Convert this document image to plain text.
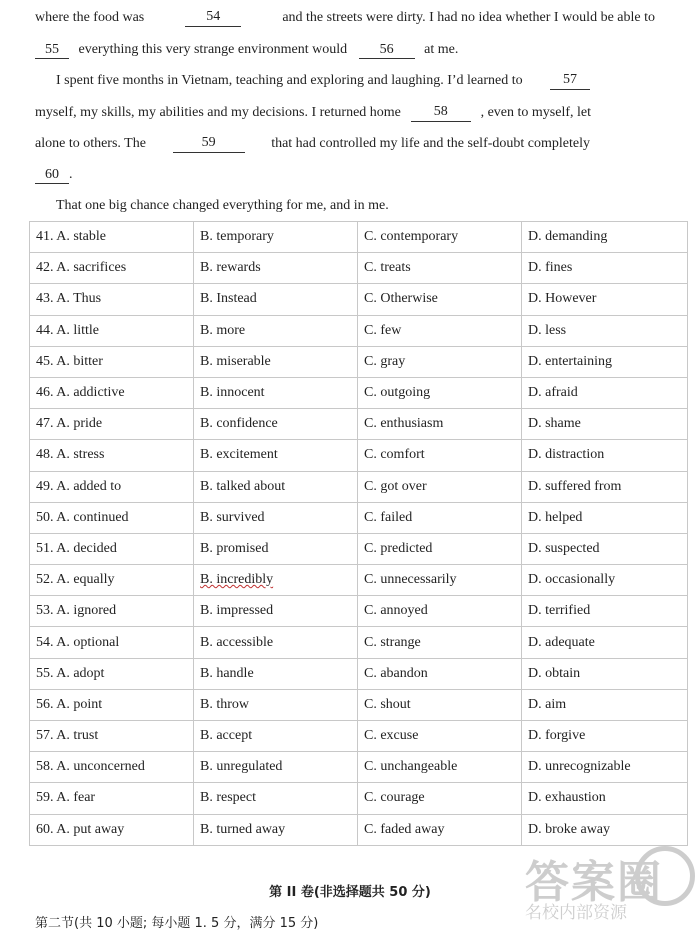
where the food was	54	and the streets were dirty. I had no idea whether I would be able to
55 everything this very strange environment would 56 at me.
I spent five months in Vietnam, teaching and exploring and laughing. I’d learned to	57
myself, my skills, my abilities and my decisions. I returned home	58	, even to myself, let
alone to others. The	59	that had controlled my life and the self-doubt completely
60 .
That one big chance changed everything for me, and in me.
41. A. stable	B. temporary	C. contemporary	D. demanding
42. A. sacrifices	B. rewards	C. treats	D. fines
43. A. Thus	B. Instead	C. Otherwise	D. However
44. A. little	B. more	C. few	D. less
45. A. bitter	B. miserable	C. gray	D. entertaining
46. A. addictive	B. innocent	C. outgoing	D. afraid
47. A. pride	B. confidence	C. enthusiasm	D. shame
48. A. stress	B. excitement	C. comfort	D. distraction
49. A. added to	B. talked about	C. got over	D. suffered from
50. A. continued	B. survived	C. failed	D. helped
51. A. decided	B. promised	C. predicted	D. suspected
52. A. equally	B. incredibly	C. unnecessarily	D. occasionally
53. A. ignored	B. impressed	C. annoyed	D. terrified
54. A. optional	B. accessible	C. strange	D. adequate
55. A. adopt	B. handle	C. abandon	D. obtain
56. A. point	B. throw	C. shout	D. aim
57. A. trust	B. accept	C. excuse	D. forgive
58. A. unconcerned	B. unregulated	C. unchangeable	D. unrecognizable
59. A. fear	B. respect	C. courage	D. exhaustion
60. A. put away	B. turned away	C. faded away	D. broke away
第 II 卷(非选择题共 50 分)
第二节(共 10 小题; 每小题 1. 5 分，满分 15 分)
答案圈
名校内部资源
